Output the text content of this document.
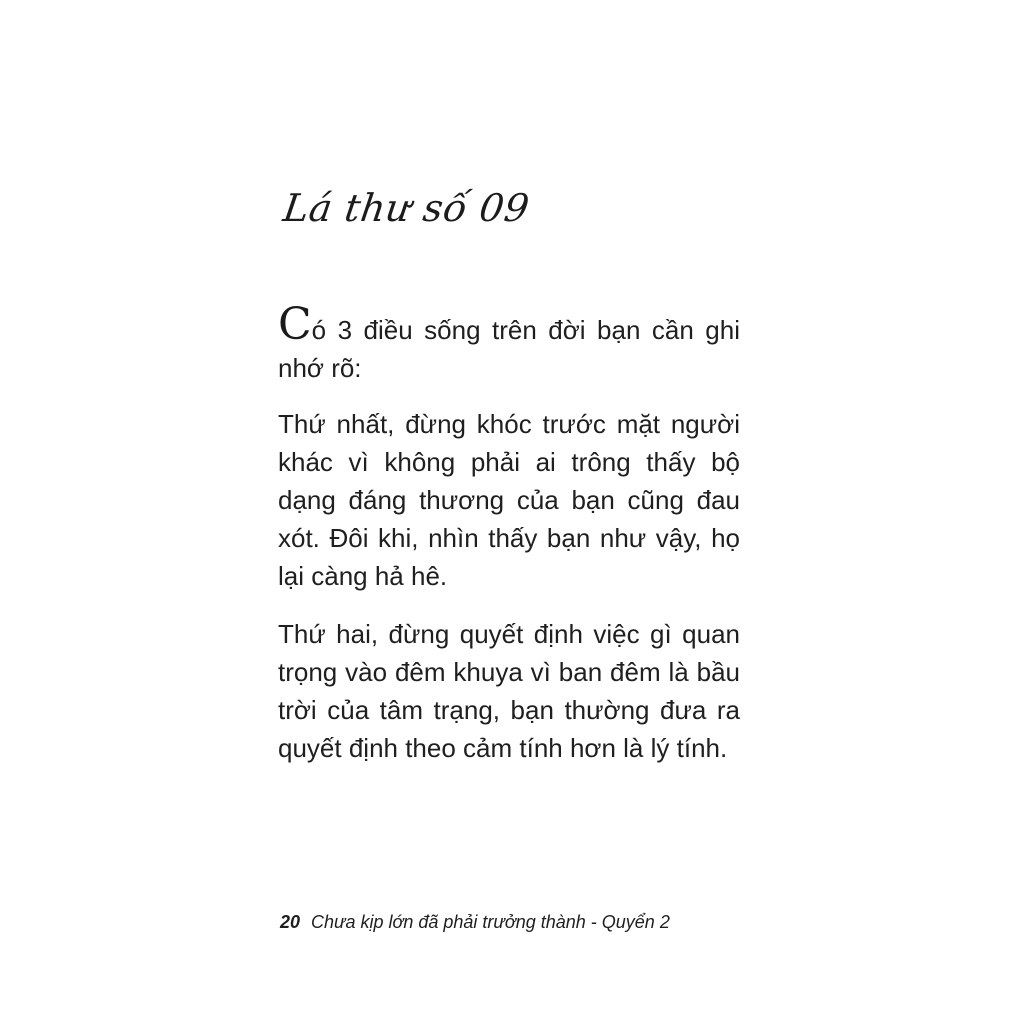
Lá thư số 09

Có 3 điều sống trên đời bạn cần ghi nhớ rõ:

Thứ nhất, đừng khóc trước mặt người khác vì không phải ai trông thấy bộ dạng đáng thương của bạn cũng đau xót. Đôi khi, nhìn thấy bạn như vậy, họ lại càng hả hê.

Thứ hai, đừng quyết định việc gì quan trọng vào đêm khuya vì ban đêm là bầu trời của tâm trạng, bạn thường đưa ra quyết định theo cảm tính hơn là lý tính.

20 Chưa kịp lớn đã phải trưởng thành - Quyển 2
